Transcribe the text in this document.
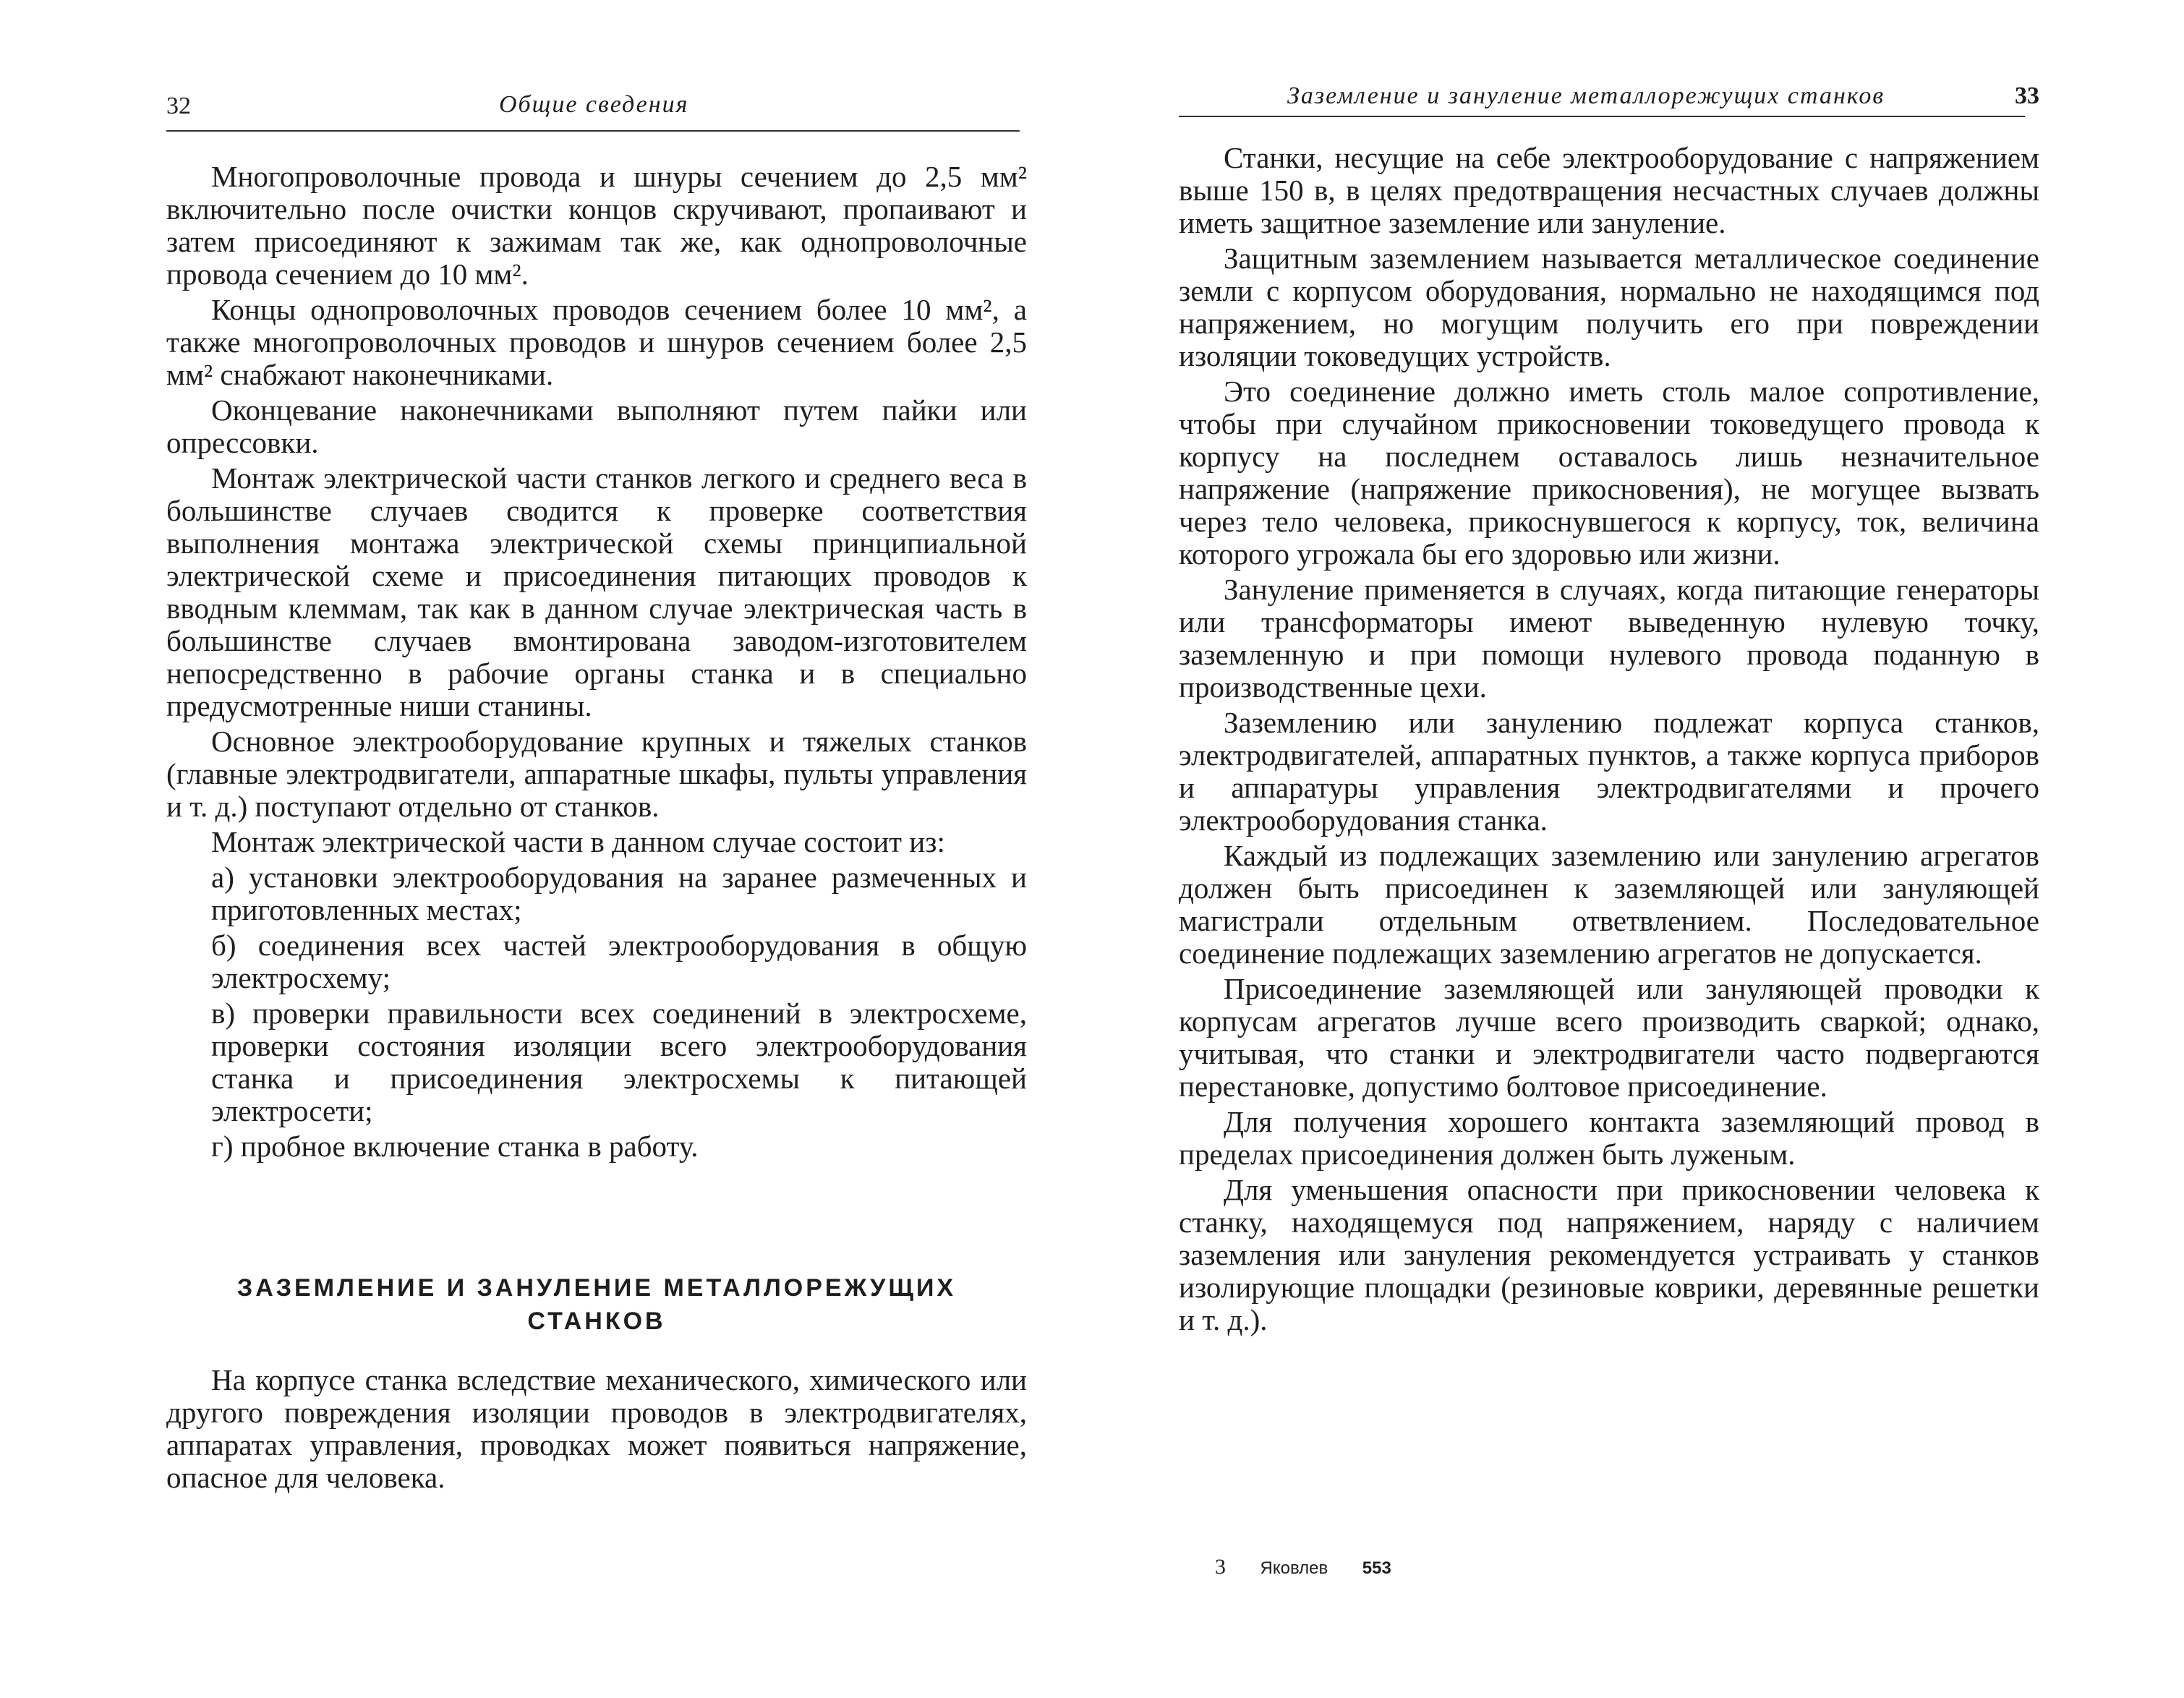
32	Общие сведения

Многопроволочные провода и шнуры сечением до 2,5 мм² включительно после очистки концов скручивают, пропаивают и затем присоединяют к зажимам так же, как однопроволочные провода сечением до 10 мм².

Концы однопроволочных проводов сечением более 10 мм², а также многопроволочных проводов и шнуров сечением более 2,5 мм² снабжают наконечниками.

Оконцевание наконечниками выполняют путем пайки или опрессовки.

Монтаж электрической части станков легкого и среднего веса в большинстве случаев сводится к проверке соответствия выполнения монтажа электрической схемы принципиальной электрической схеме и присоединения питающих проводов к вводным клеммам, так как в данном случае электрическая часть в большинстве случаев вмонтирована заводом-изготовителем непосредственно в рабочие органы станка и в специально предусмотренные ниши станины.

Основное электрооборудование крупных и тяжелых станков (главные электродвигатели, аппаратные шкафы, пульты управления и т. д.) поступают отдельно от станков.

Монтаж электрической части в данном случае состоит из:

а) установки электрооборудования на заранее размеченных и приготовленных местах;

б) соединения всех частей электрооборудования в общую электросхему;

в) проверки правильности всех соединений в электросхеме, проверки состояния изоляции всего электрооборудования станка и присоединения электросхемы к питающей электросети;

г) пробное включение станка в работу.

ЗАЗЕМЛЕНИЕ И ЗАНУЛЕНИЕ МЕТАЛЛОРЕЖУЩИХ
СТАНКОВ

На корпусе станка вследствие механического, химического или другого повреждения изоляции проводов в электродвигателях, аппаратах управления, проводках может появиться напряжение, опасное для человека.

Заземление и зануление металлорежущих станков	33

Станки, несущие на себе электрооборудование с напряжением выше 150 в, в целях предотвращения несчастных случаев должны иметь защитное заземление или зануление.

Защитным заземлением называется металлическое соединение земли с корпусом оборудования, нормально не находящимся под напряжением, но могущим получить его при повреждении изоляции токоведущих устройств.

Это соединение должно иметь столь малое сопротивление, чтобы при случайном прикосновении токоведущего провода к корпусу на последнем оставалось лишь незначительное напряжение (напряжение прикосновения), не могущее вызвать через тело человека, прикоснувшегося к корпусу, ток, величина которого угрожала бы его здоровью или жизни.

Зануление применяется в случаях, когда питающие генераторы или трансформаторы имеют выведенную нулевую точку, заземленную и при помощи нулевого провода поданную в производственные цехи.

Заземлению или занулению подлежат корпуса станков, электродвигателей, аппаратных пунктов, а также корпуса приборов и аппаратуры управления электродвигателями и прочего электрооборудования станка.

Каждый из подлежащих заземлению или занулению агрегатов должен быть присоединен к заземляющей или зануляющей магистрали отдельным ответвлением. Последовательное соединение подлежащих заземлению агрегатов не допускается.

Присоединение заземляющей или зануляющей проводки к корпусам агрегатов лучше всего производить сваркой; однако, учитывая, что станки и электродвигатели часто подвергаются перестановке, допустимо болтовое присоединение.

Для получения хорошего контакта заземляющий провод в пределах присоединения должен быть луженым.

Для уменьшения опасности при прикосновении человека к станку, находящемуся под напряжением, наряду с наличием заземления или зануления рекомендуется устраивать у станков изолирующие площадки (резиновые коврики, деревянные решетки и т. д.).

3 Яковлев 553
